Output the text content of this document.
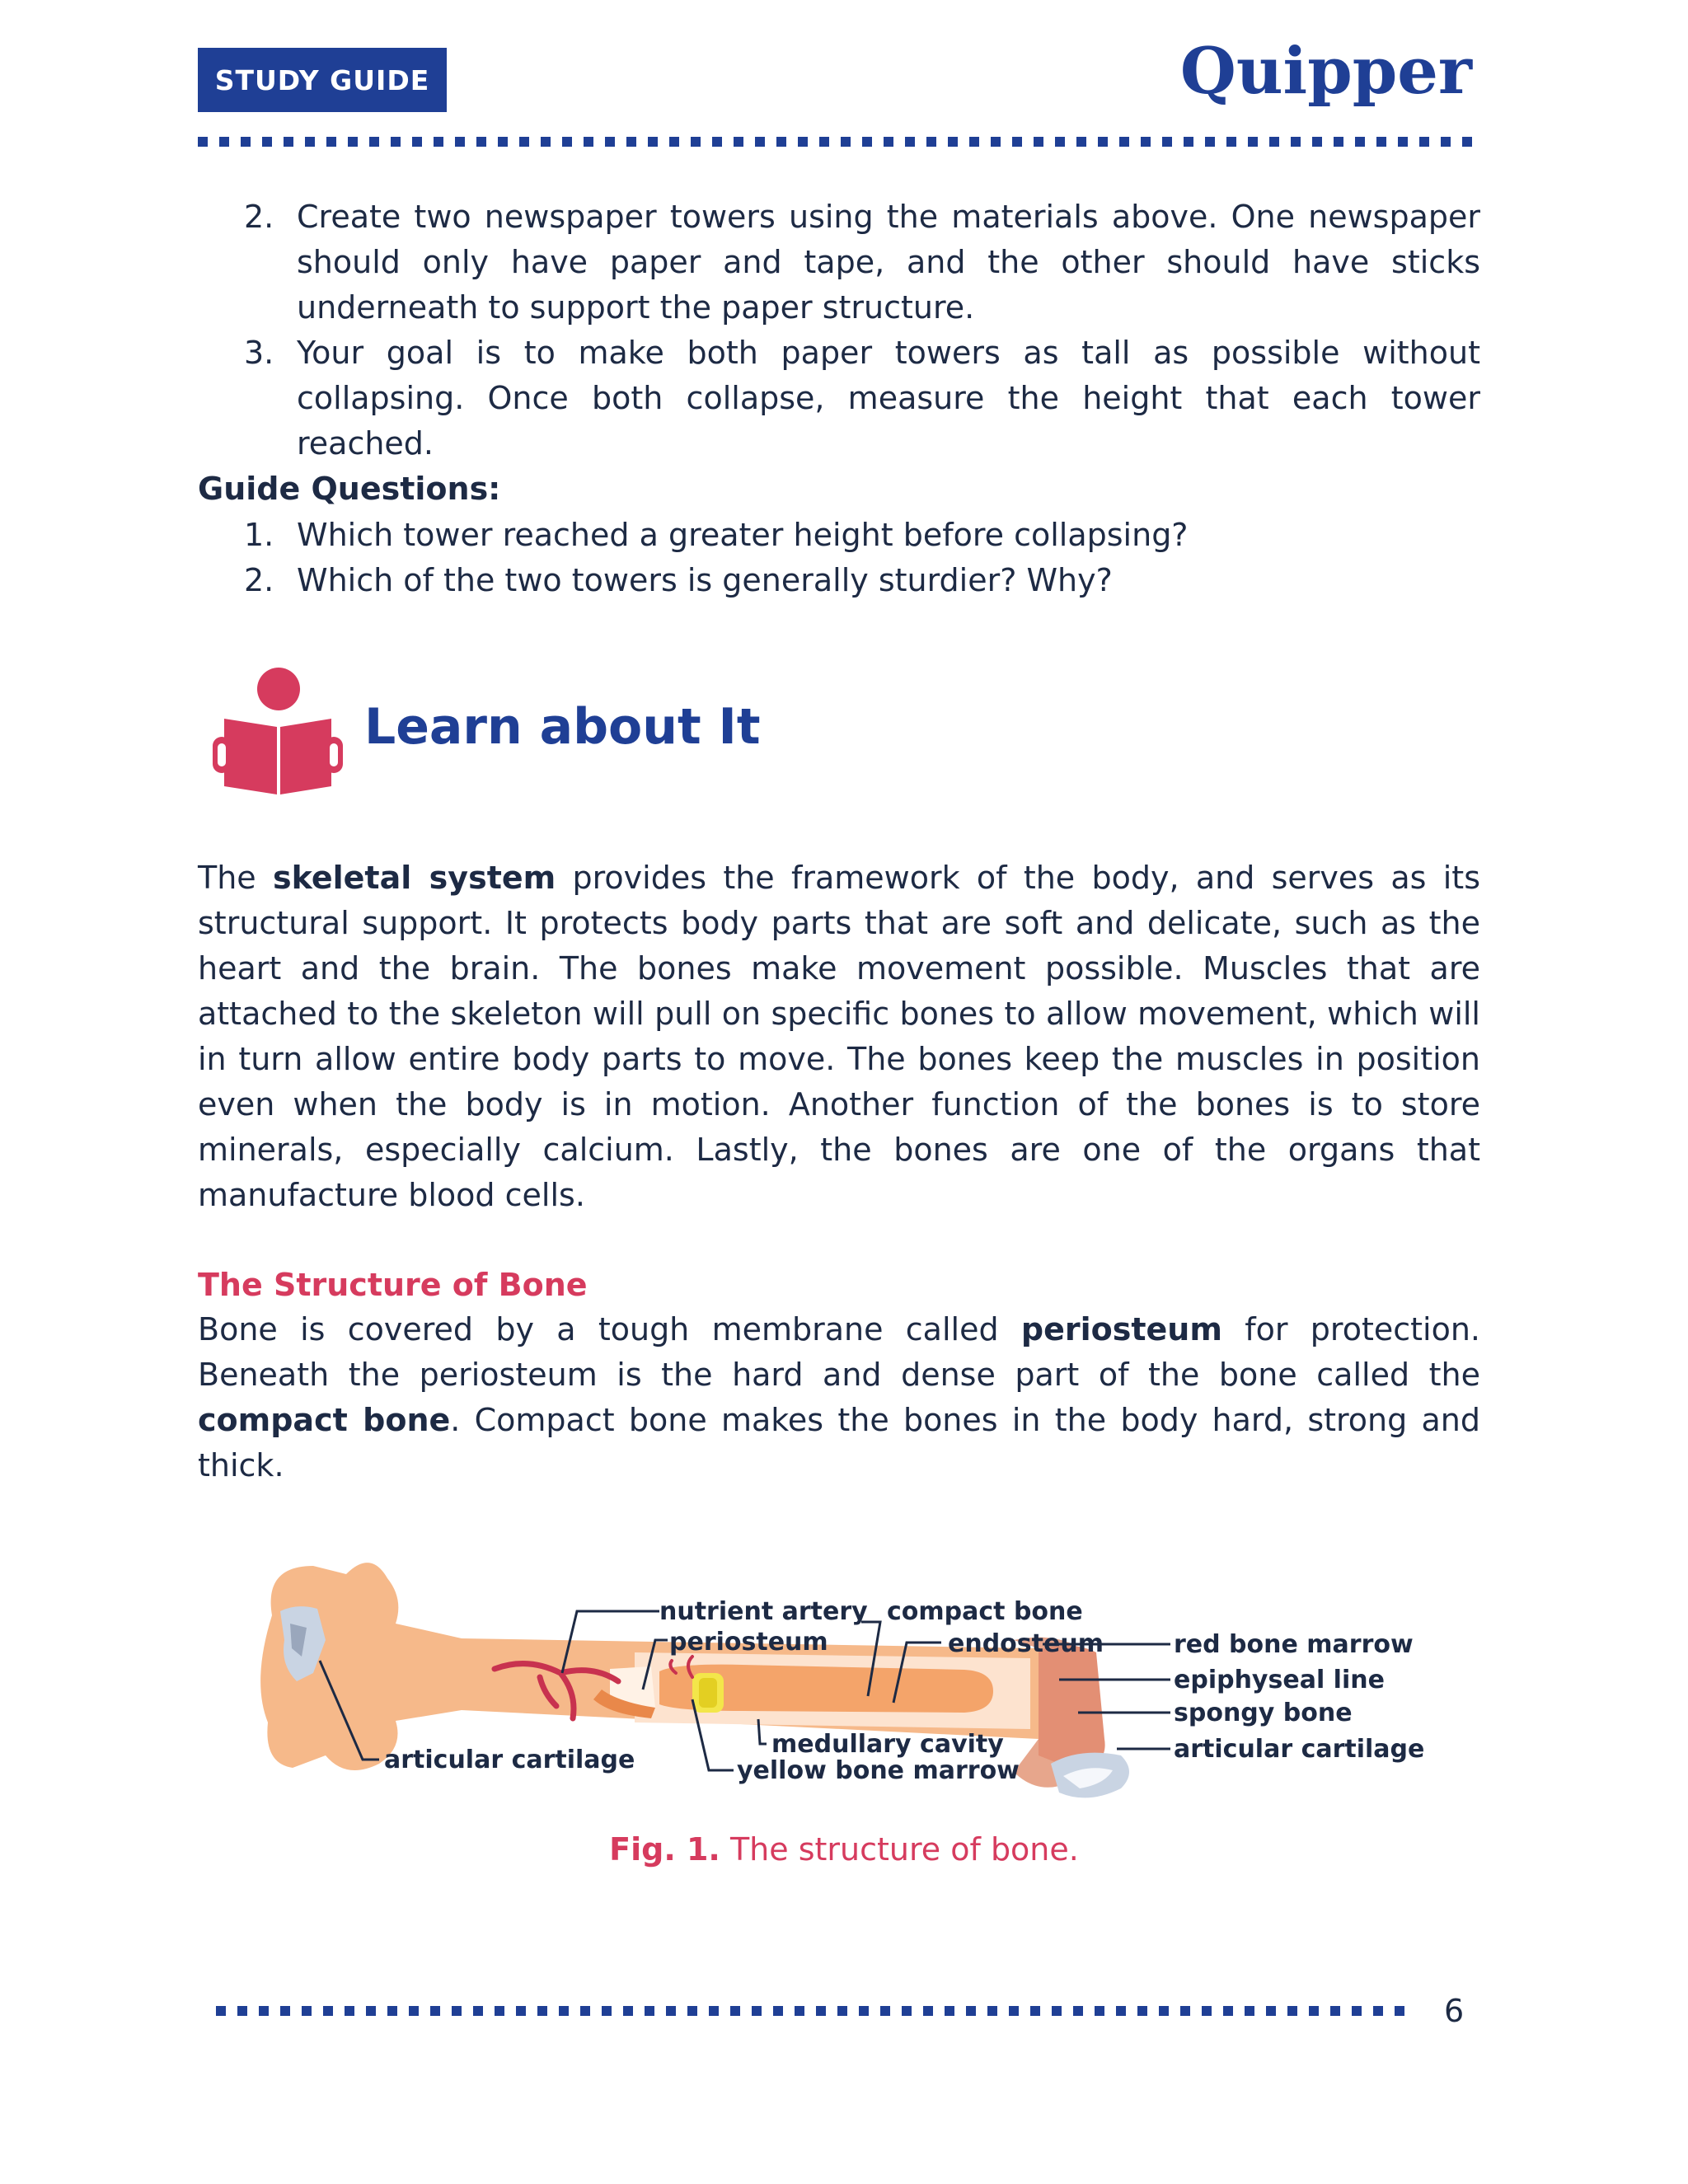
STUDY GUIDE	Quipper
2. Create two newspaper towers using the materials above. One newspaper should only have paper and tape, and the other should have sticks underneath to support the paper structure.
3. Your goal is to make both paper towers as tall as possible without collapsing. Once both collapse, measure the height that each tower reached.
Guide Questions:
1. Which tower reached a greater height before collapsing?
2. Which of the two towers is generally sturdier? Why?
Learn about It
The skeletal system provides the framework of the body, and serves as its structural support. It protects body parts that are soft and delicate, such as the heart and the brain. The bones make movement possible. Muscles that are attached to the skeleton will pull on specific bones to allow movement, which will in turn allow entire body parts to move. The bones keep the muscles in position even when the body is in motion. Another function of the bones is to store minerals, especially calcium. Lastly, the bones are one of the organs that manufacture blood cells.
The Structure of Bone
Bone is covered by a tough membrane called periosteum for protection. Beneath the periosteum is the hard and dense part of the bone called the compact bone. Compact bone makes the bones in the body hard, strong and thick.
nutrient artery compact bone
endosteum
periosteum	red bone marrow
epiphyseal line
spongy bone
articular cartilage
medullary cavity
yellow bone marrow
articular cartilage
Fig. 1. The structure of bone.
6
